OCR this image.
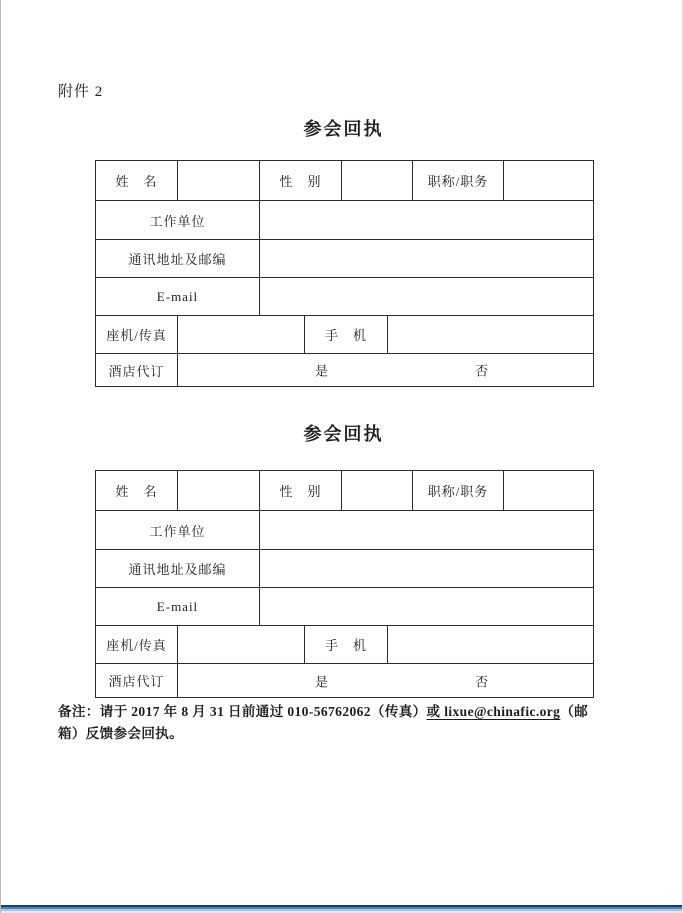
附件 2
参会回执
姓　名	性　别	职称/职务
工作单位
通讯地址及邮编
E-mail
座机/传真	手　机
酒店代订	是	否
参会回执
姓　名	性　别	职称/职务
工作单位
通讯地址及邮编
E-mail
座机/传真	手　机
酒店代订	是	否
备注：请于 2017 年 8 月 31 日前通过 010-56762062（传真）或 lixue@chinafic.org（邮
箱）反馈参会回执。
